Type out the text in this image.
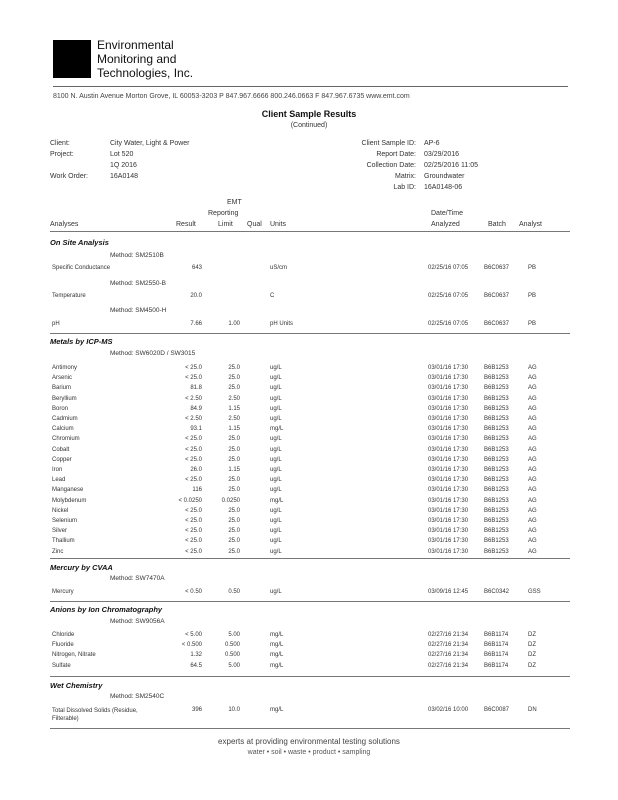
Environmental
Monitoring and
Technologies, Inc.
8100 N. Austin Avenue Morton Grove, IL 60053-3203 P 847.967.6666 800.246.0663 F 847.967.6735 www.emt.com
Client Sample Results
(Continued)
Client:	City Water, Light & Power
Project:	Lot 520
1Q 2016
Work Order:	16A0148
Client Sample ID: AP-6
Report Date: 03/29/2016
Collection Date: 02/25/2016 11:05
Matrix: Groundwater
Lab ID: 16A0148-06
EMT
Reporting
Limit
Analyses	Result	Qual Units
Date/Time
Analyzed	Batch Analyst
On Site Analysis
Method: SM2510B
Specific Conductance	643	uS/cm	02/25/16 07:05	B6C0637	PB
Method: SM2550-B
Temperature	20.0	C	02/25/16 07:05	B6C0637	PB
Method: SM4500-H
pH	7.66	1.00	pH Units	02/25/16 07:05	B6C0637	PB
Metals by ICP-MS
Method: SW6020D / SW3015
Antimony	< 25.0	25.0	ug/L	03/01/16 17:30	B6B1253	AG
Arsenic	< 25.0	25.0	ug/L	03/01/16 17:30	B6B1253	AG
Barium	81.8	25.0	ug/L	03/01/16 17:30	B6B1253	AG
Beryllium	< 2.50	2.50	ug/L	03/01/16 17:30	B6B1253	AG
Boron	84.9	1.15	ug/L	03/01/16 17:30	B6B1253	AG
Cadmium	< 2.50	2.50	ug/L	03/01/16 17:30	B6B1253	AG
Calcium	93.1	1.15	mg/L	03/01/16 17:30	B6B1253	AG
Chromium	< 25.0	25.0	ug/L	03/01/16 17:30	B6B1253	AG
Cobalt	< 25.0	25.0	ug/L	03/01/16 17:30	B6B1253	AG
Copper	< 25.0	25.0	ug/L	03/01/16 17:30	B6B1253	AG
Iron	26.0	1.15	ug/L	03/01/16 17:30	B6B1253	AG
Lead	< 25.0	25.0	ug/L	03/01/16 17:30	B6B1253	AG
Manganese	116	25.0	ug/L	03/01/16 17:30	B6B1253	AG
Molybdenum	< 0.0250	0.0250	mg/L	03/01/16 17:30	B6B1253	AG
Nickel	< 25.0	25.0	ug/L	03/01/16 17:30	B6B1253	AG
Selenium	< 25.0	25.0	ug/L	03/01/16 17:30	B6B1253	AG
Silver	< 25.0	25.0	ug/L	03/01/16 17:30	B6B1253	AG
Thallium	< 25.0	25.0	ug/L	03/01/16 17:30	B6B1253	AG
Zinc	< 25.0	25.0	ug/L	03/01/16 17:30	B6B1253	AG
Mercury by CVAA
Method: SW7470A
Mercury	< 0.50	0.50	ug/L	03/09/16 12:45	B6C0342	GSS
Anions by Ion Chromatography
Method: SW9056A
Chloride	< 5.00	5.00	mg/L	02/27/16 21:34	B6B1174	DZ
Fluoride	< 0.500	0.500	mg/L	02/27/16 21:34	B6B1174	DZ
Nitrogen, Nitrate	1.32	0.500	mg/L	02/27/16 21:34	B6B1174	DZ
Sulfate	64.5	5.00	mg/L	02/27/16 21:34	B6B1174	DZ
Wet Chemistry
Method: SM2540C
Total Dissolved Solids (Residue, Filterable)
396	10.0	mg/L	03/02/16 10:00	B6C0087	DN
experts at providing environmental testing solutions
water • soil • waste • product • sampling
